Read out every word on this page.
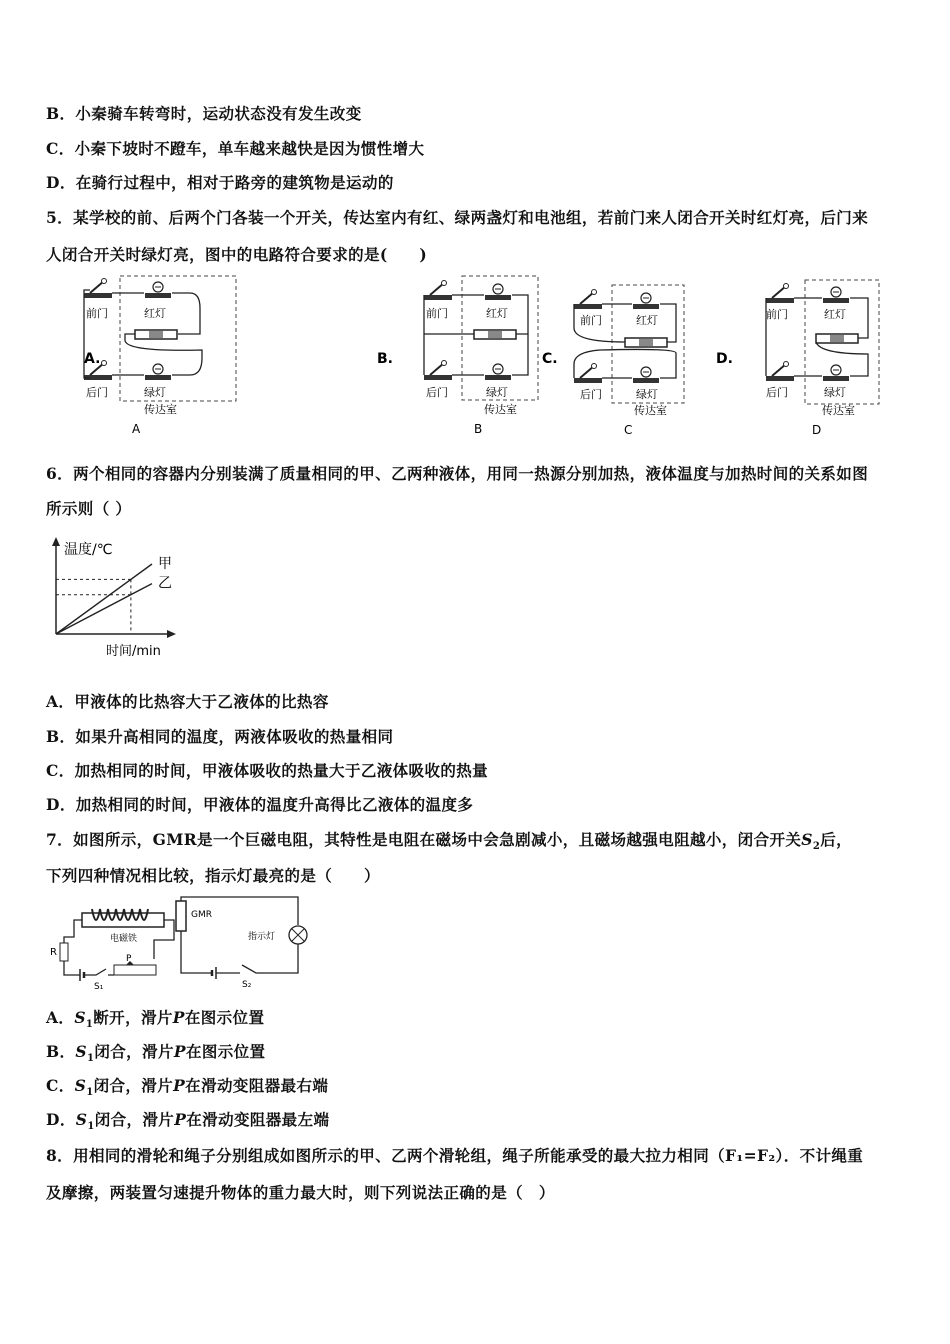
B．小秦骑车转弯时，运动状态没有发生改变
C．小秦下坡时不蹬车，单车越来越快是因为惯性增大
D．在骑行过程中，相对于路旁的建筑物是运动的
5．某学校的前、后两个门各装一个开关，传达室内有红、绿两盏灯和电池组，若前门来人闭合开关时红灯亮，后门来
人闭合开关时绿灯亮，图中的电路符合要求的是(　　)
A.
前门	红灯
后门	绿灯
传达室
A
B.
前门	红灯
后门	绿灯
传达室
B
C.
前门	红灯
后门	绿灯
传达室
C
D.
前门	红灯
后门	绿灯
传达室
D
6．两个相同的容器内分别装满了质量相同的甲、乙两种液体，用同一热源分别加热，液体温度与加热时间的关系如图
所示则（ ）
温度/℃
时间/min
甲
乙
A．甲液体的比热容大于乙液体的比热容
B．如果升高相同的温度，两液体吸收的热量相同
C．加热相同的时间，甲液体吸收的热量大于乙液体吸收的热量
D．加热相同的时间，甲液体的温度升高得比乙液体的温度多
7．如图所示，GMR是一个巨磁电阻，其特性是电阻在磁场中会急剧减小，且磁场越强电阻越小，闭合开关$S_2$后，
下列四种情况相比较，指示灯最亮的是（　　）
电磁铁
R
S₁
P
GMR
指示灯
S₂
A．$S_1$断开，滑片P在图示位置
B．$S_1$闭合，滑片P在图示位置
C．$S_1$闭合，滑片P在滑动变阻器最右端
D．$S_1$闭合，滑片P在滑动变阻器最左端
8．用相同的滑轮和绳子分别组成如图所示的甲、乙两个滑轮组，绳子所能承受的最大拉力相同（F₁=F₂）．不计绳重
及摩擦，两装置匀速提升物体的重力最大时，则下列说法正确的是（　）
